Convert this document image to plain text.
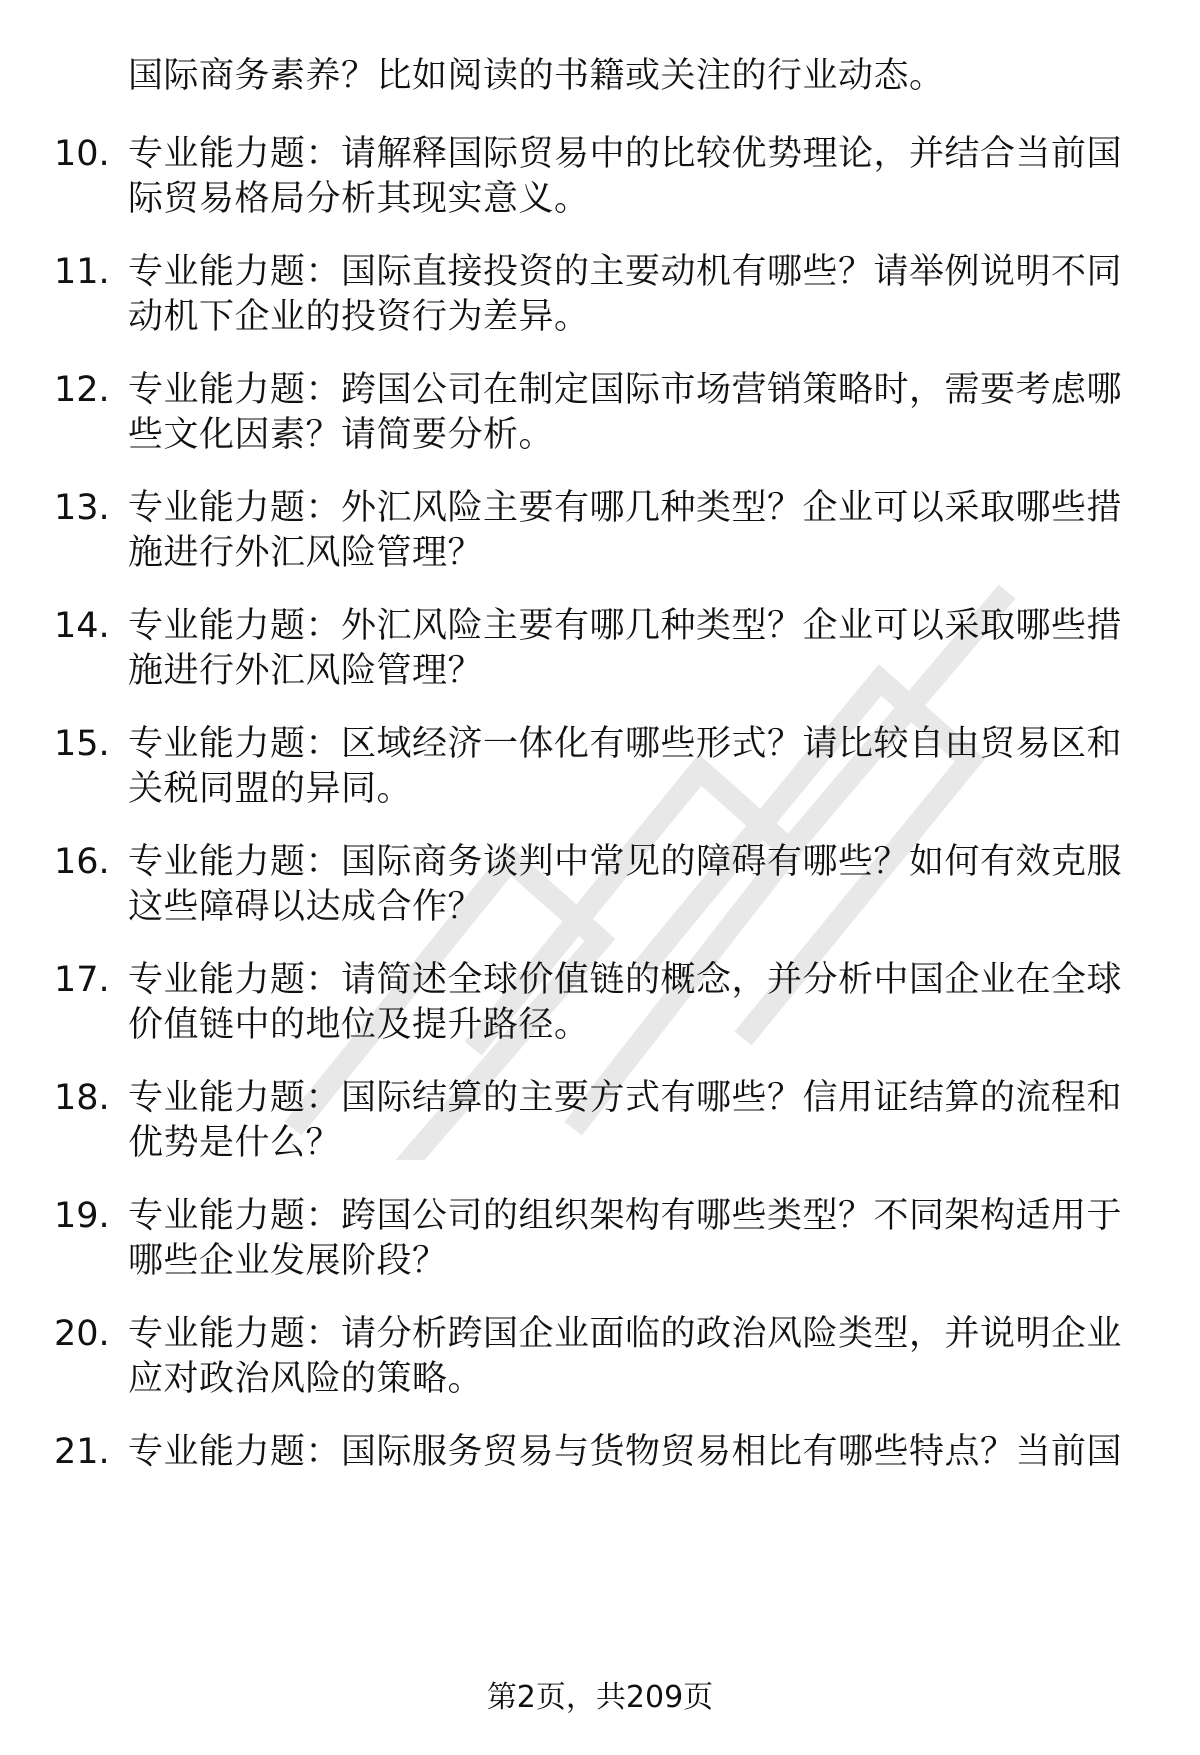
国际商务素养？比如阅读的书籍或关注的行业动态。
10. 专业能力题：请解释国际贸易中的比较优势理论，并结合当前国
际贸易格局分析其现实意义。
11. 专业能力题：国际直接投资的主要动机有哪些？请举例说明不同
动机下企业的投资行为差异。
12. 专业能力题：跨国公司在制定国际市场营销策略时，需要考虑哪
些文化因素？请简要分析。
13. 专业能力题：外汇风险主要有哪几种类型？企业可以采取哪些措
施进行外汇风险管理？
14. 专业能力题：外汇风险主要有哪几种类型？企业可以采取哪些措
施进行外汇风险管理？
15. 专业能力题：区域经济一体化有哪些形式？请比较自由贸易区和
关税同盟的异同。
16. 专业能力题：国际商务谈判中常见的障碍有哪些？如何有效克服
这些障碍以达成合作？
17. 专业能力题：请简述全球价值链的概念，并分析中国企业在全球
价值链中的地位及提升路径。
18. 专业能力题：国际结算的主要方式有哪些？信用证结算的流程和
优势是什么？
19. 专业能力题：跨国公司的组织架构有哪些类型？不同架构适用于
哪些企业发展阶段？
20. 专业能力题：请分析跨国企业面临的政治风险类型，并说明企业
应对政治风险的策略。
21. 专业能力题：国际服务贸易与货物贸易相比有哪些特点？当前国
第2页，共209页
